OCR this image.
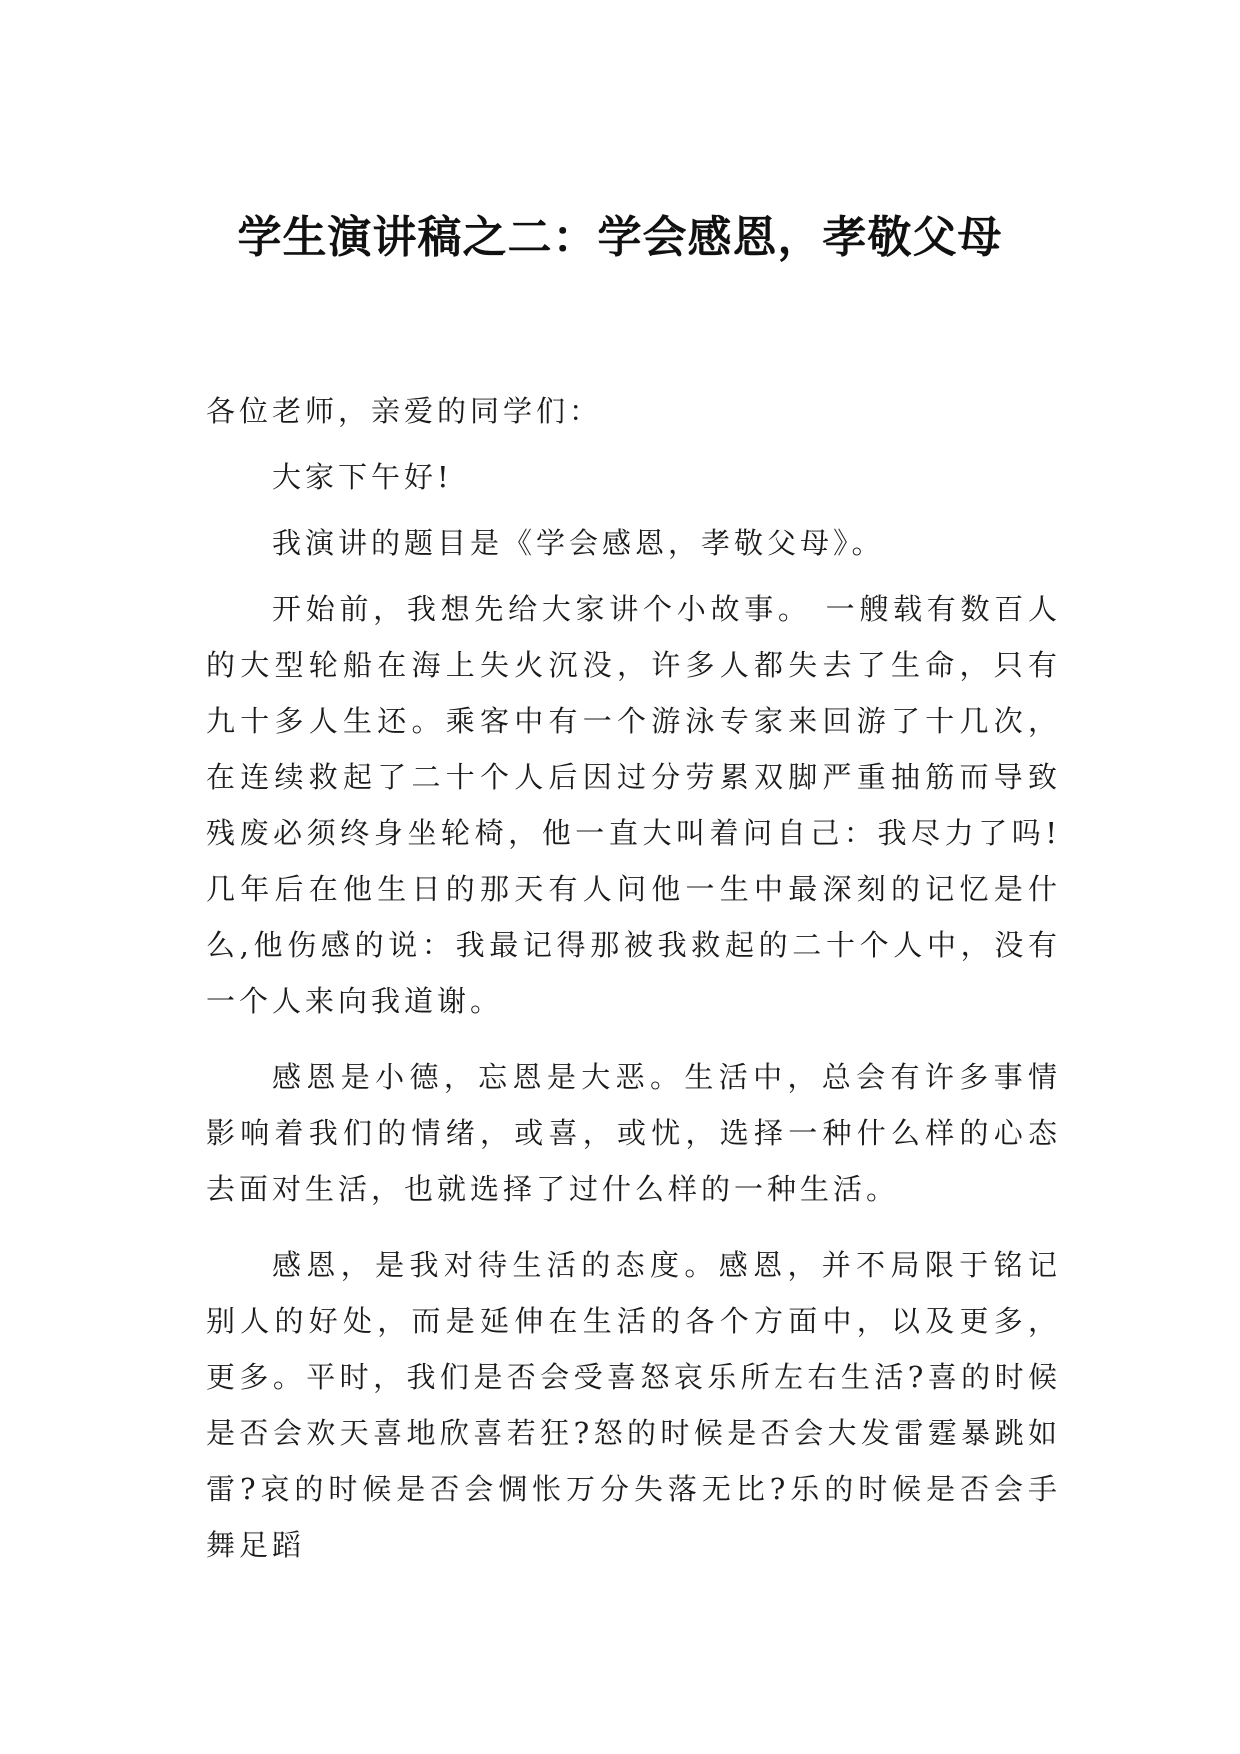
学生演讲稿之二：学会感恩，孝敬父母

各位老师，亲爱的同学们：

大家下午好!

我演讲的题目是《学会感恩，孝敬父母》。

开始前，我想先给大家讲个小故事。 一艘载有数百人的大型轮船在海上失火沉没，许多人都失去了生命，只有九十多人生还。乘客中有一个游泳专家来回游了十几次，在连续救起了二十个人后因过分劳累双脚严重抽筋而导致残废必须终身坐轮椅，他一直大叫着问自己：我尽力了吗!几年后在他生日的那天有人问他一生中最深刻的记忆是什么,他伤感的说：我最记得那被我救起的二十个人中，没有一个人来向我道谢。

感恩是小德，忘恩是大恶。生活中，总会有许多事情影响着我们的情绪，或喜，或忧，选择一种什么样的心态去面对生活，也就选择了过什么样的一种生活。

感恩，是我对待生活的态度。感恩，并不局限于铭记别人的好处，而是延伸在生活的各个方面中，以及更多，更多。平时，我们是否会受喜怒哀乐所左右生活?喜的时候是否会欢天喜地欣喜若狂?怒的时候是否会大发雷霆暴跳如雷?哀的时候是否会惆怅万分失落无比?乐的时候是否会手舞足蹈
